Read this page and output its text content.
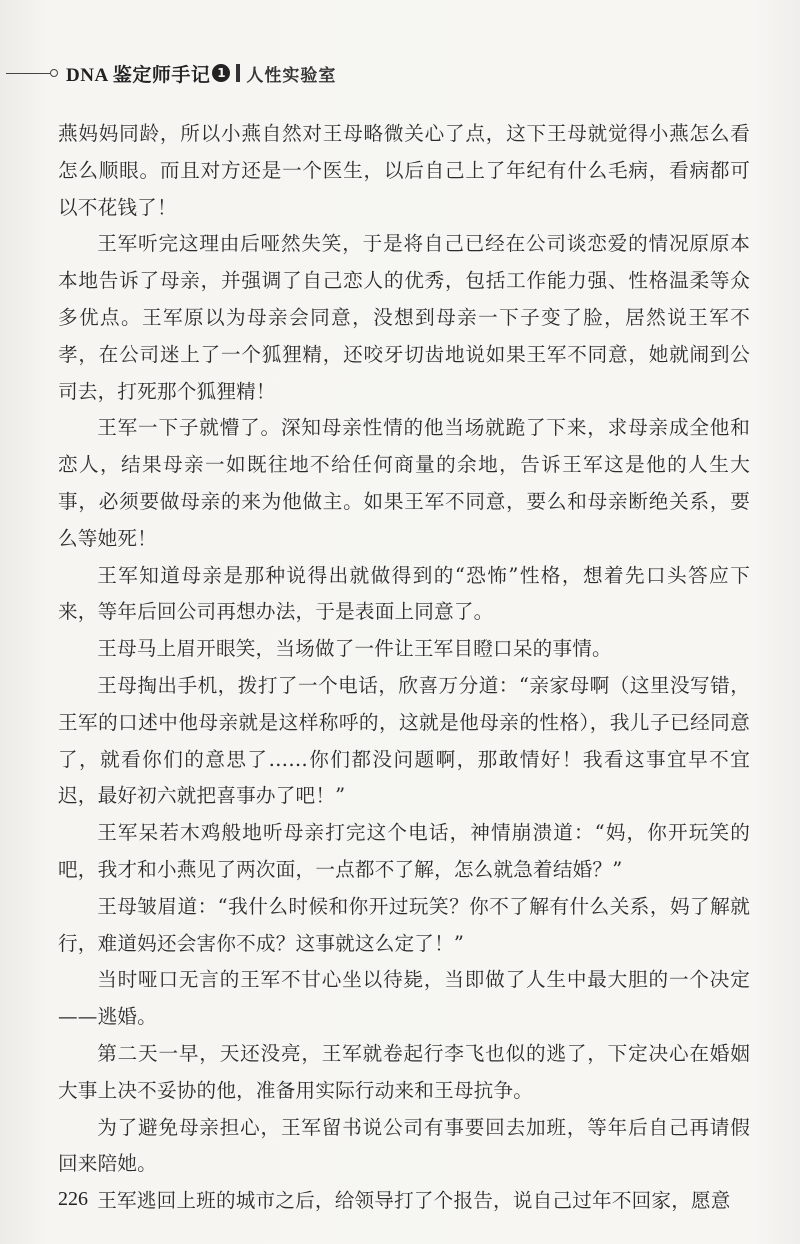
DNA 鉴定师手记 1 人性实验室

燕妈妈同龄，所以小燕自然对王母略微关心了点，这下王母就觉得小燕怎么看怎么顺眼。而且对方还是一个医生，以后自己上了年纪有什么毛病，看病都可以不花钱了！

王军听完这理由后哑然失笑，于是将自己已经在公司谈恋爱的情况原原本本地告诉了母亲，并强调了自己恋人的优秀，包括工作能力强、性格温柔等众多优点。王军原以为母亲会同意，没想到母亲一下子变了脸，居然说王军不孝，在公司迷上了一个狐狸精，还咬牙切齿地说如果王军不同意，她就闹到公司去，打死那个狐狸精！

王军一下子就懵了。深知母亲性情的他当场就跪了下来，求母亲成全他和恋人，结果母亲一如既往地不给任何商量的余地，告诉王军这是他的人生大事，必须要做母亲的来为他做主。如果王军不同意，要么和母亲断绝关系，要么等她死！

王军知道母亲是那种说得出就做得到的“恐怖”性格，想着先口头答应下来，等年后回公司再想办法，于是表面上同意了。

王母马上眉开眼笑，当场做了一件让王军目瞪口呆的事情。

王母掏出手机，拨打了一个电话，欣喜万分道：“亲家母啊（这里没写错，王军的口述中他母亲就是这样称呼的，这就是他母亲的性格），我儿子已经同意了，就看你们的意思了……你们都没问题啊，那敢情好！我看这事宜早不宜迟，最好初六就把喜事办了吧！”

王军呆若木鸡般地听母亲打完这个电话，神情崩溃道：“妈，你开玩笑的吧，我才和小燕见了两次面，一点都不了解，怎么就急着结婚？”

王母皱眉道：“我什么时候和你开过玩笑？你不了解有什么关系，妈了解就行，难道妈还会害你不成？这事就这么定了！”

当时哑口无言的王军不甘心坐以待毙，当即做了人生中最大胆的一个决定——逃婚。

第二天一早，天还没亮，王军就卷起行李飞也似的逃了，下定决心在婚姻大事上决不妥协的他，准备用实际行动来和王母抗争。

为了避免母亲担心，王军留书说公司有事要回去加班，等年后自己再请假回来陪她。

王军逃回上班的城市之后，给领导打了个报告，说自己过年不回家，愿意

226
